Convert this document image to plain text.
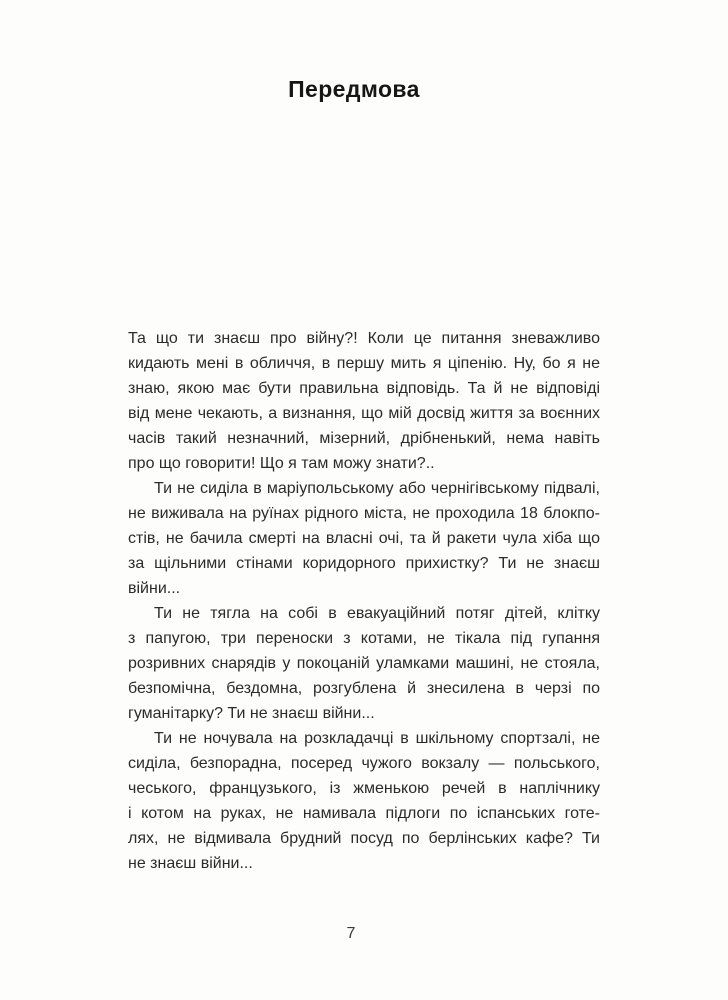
Передмова
Та що ти знаєш про війну?! Коли це питання зневажливо
кидають мені в обличчя, в першу мить я ціпенію. Ну, бо я не
знаю, якою має бути правильна відповідь. Та й не відповіді
від мене чекають, а визнання, що мій досвід життя за воєнних
часів такий незначний, мізерний, дрібненький, нема навіть
про що говорити! Що я там можу знати?..
Ти не сиділа в маріупольському або чернігівському підвалі,
не виживала на руїнах рідного міста, не проходила 18 блокпо-
стів, не бачила смерті на власні очі, та й ракети чула хіба що
за щільними стінами коридорного прихистку? Ти не знаєш
війни...
Ти не тягла на собі в евакуаційний потяг дітей, клітку
з папугою, три переноски з котами, не тікала під гупання
розривних снарядів у покоцаній уламками машині, не стояла,
безпомічна, бездомна, розгублена й знесилена в черзі по
гуманітарку? Ти не знаєш війни...
Ти не ночувала на розкладачці в шкільному спортзалі, не
сиділа, безпорадна, посеред чужого вокзалу — польського,
чеського, французького, із жменькою речей в наплічнику
і котом на руках, не намивала підлоги по іспанських готе-
лях, не відмивала брудний посуд по берлінських кафе? Ти
не знаєш війни...
7
